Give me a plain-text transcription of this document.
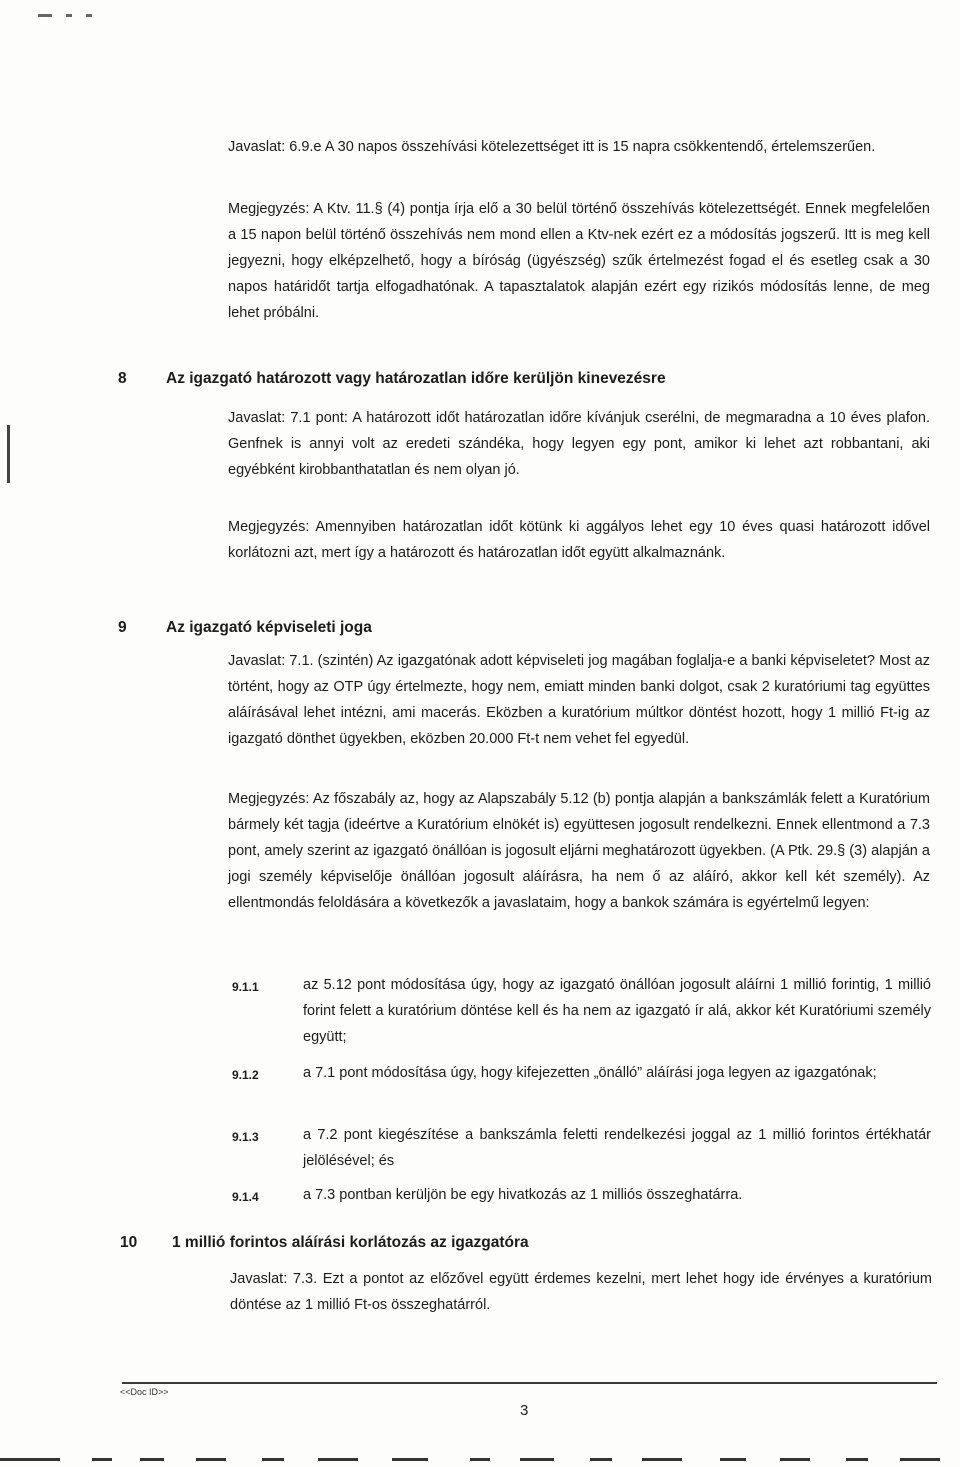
Javaslat: 6.9.e A 30 napos összehívási kötelezettséget itt is 15 napra csökkentendő, értelemszerűen.

Megjegyzés: A Ktv. 11.§ (4) pontja írja elő a 30 belül történő összehívás kötelezettségét. Ennek megfelelően a 15 napon belül történő összehívás nem mond ellen a Ktv-nek ezért ez a módosítás jogszerű. Itt is meg kell jegyezni, hogy elképzelhető, hogy a bíróság (ügyészség) szűk értelmezést fogad el és esetleg csak a 30 napos határidőt tartja elfogadhatónak. A tapasztalatok alapján ezért egy rizikós módosítás lenne, de meg lehet próbálni.

8	Az igazgató határozott vagy határozatlan időre kerüljön kinevezésre

Javaslat: 7.1 pont: A határozott időt határozatlan időre kívánjuk cserélni, de megmaradna a 10 éves plafon. Genfnek is annyi volt az eredeti szándéka, hogy legyen egy pont, amikor ki lehet azt robbantani, aki egyébként kirobbanthatatlan és nem olyan jó.

Megjegyzés: Amennyiben határozatlan időt kötünk ki aggályos lehet egy 10 éves quasi határozott idővel korlátozni azt, mert így a határozott és határozatlan időt együtt alkalmaznánk.

9	Az igazgató képviseleti joga

Javaslat: 7.1. (szintén) Az igazgatónak adott képviseleti jog magában foglalja-e a banki képviseletet? Most az történt, hogy az OTP úgy értelmezte, hogy nem, emiatt minden banki dolgot, csak 2 kuratóriumi tag együttes aláírásával lehet intézni, ami macerás. Eközben a kuratórium múltkor döntést hozott, hogy 1 millió Ft-ig az igazgató dönthet ügyekben, eközben 20.000 Ft-t nem vehet fel egyedül.

Megjegyzés: Az főszabály az, hogy az Alapszabály 5.12 (b) pontja alapján a bankszámlák felett a Kuratórium bármely két tagja (ideértve a Kuratórium elnökét is) együttesen jogosult rendelkezni. Ennek ellentmond a 7.3 pont, amely szerint az igazgató önállóan is jogosult eljárni meghatározott ügyekben. (A Ptk. 29.§ (3) alapján a jogi személy képviselője önállóan jogosult aláírásra, ha nem ő az aláíró, akkor kell két személy). Az ellentmondás feloldására a következők a javaslataim, hogy a bankok számára is egyértelmű legyen:

9.1.1	az 5.12 pont módosítása úgy, hogy az igazgató önállóan jogosult aláírni 1 millió forintig, 1 millió forint felett a kuratórium döntése kell és ha nem az igazgató ír alá, akkor két Kuratóriumi személy együtt;

9.1.2	a 7.1 pont módosítása úgy, hogy kifejezetten „önálló” aláírási joga legyen az igazgatónak;

9.1.3	a 7.2 pont kiegészítése a bankszámla feletti rendelkezési joggal az 1 millió forintos értékhatár jelölésével; és

9.1.4	a 7.3 pontban kerüljön be egy hivatkozás az 1 milliós összeghatárra.

10 1 millió forintos aláírási korlátozás az igazgatóra

Javaslat: 7.3. Ezt a pontot az előzővel együtt érdemes kezelni, mert lehet hogy ide érvényes a kuratórium döntése az 1 millió Ft-os összeghatárról.

<<Doc ID>>
3
